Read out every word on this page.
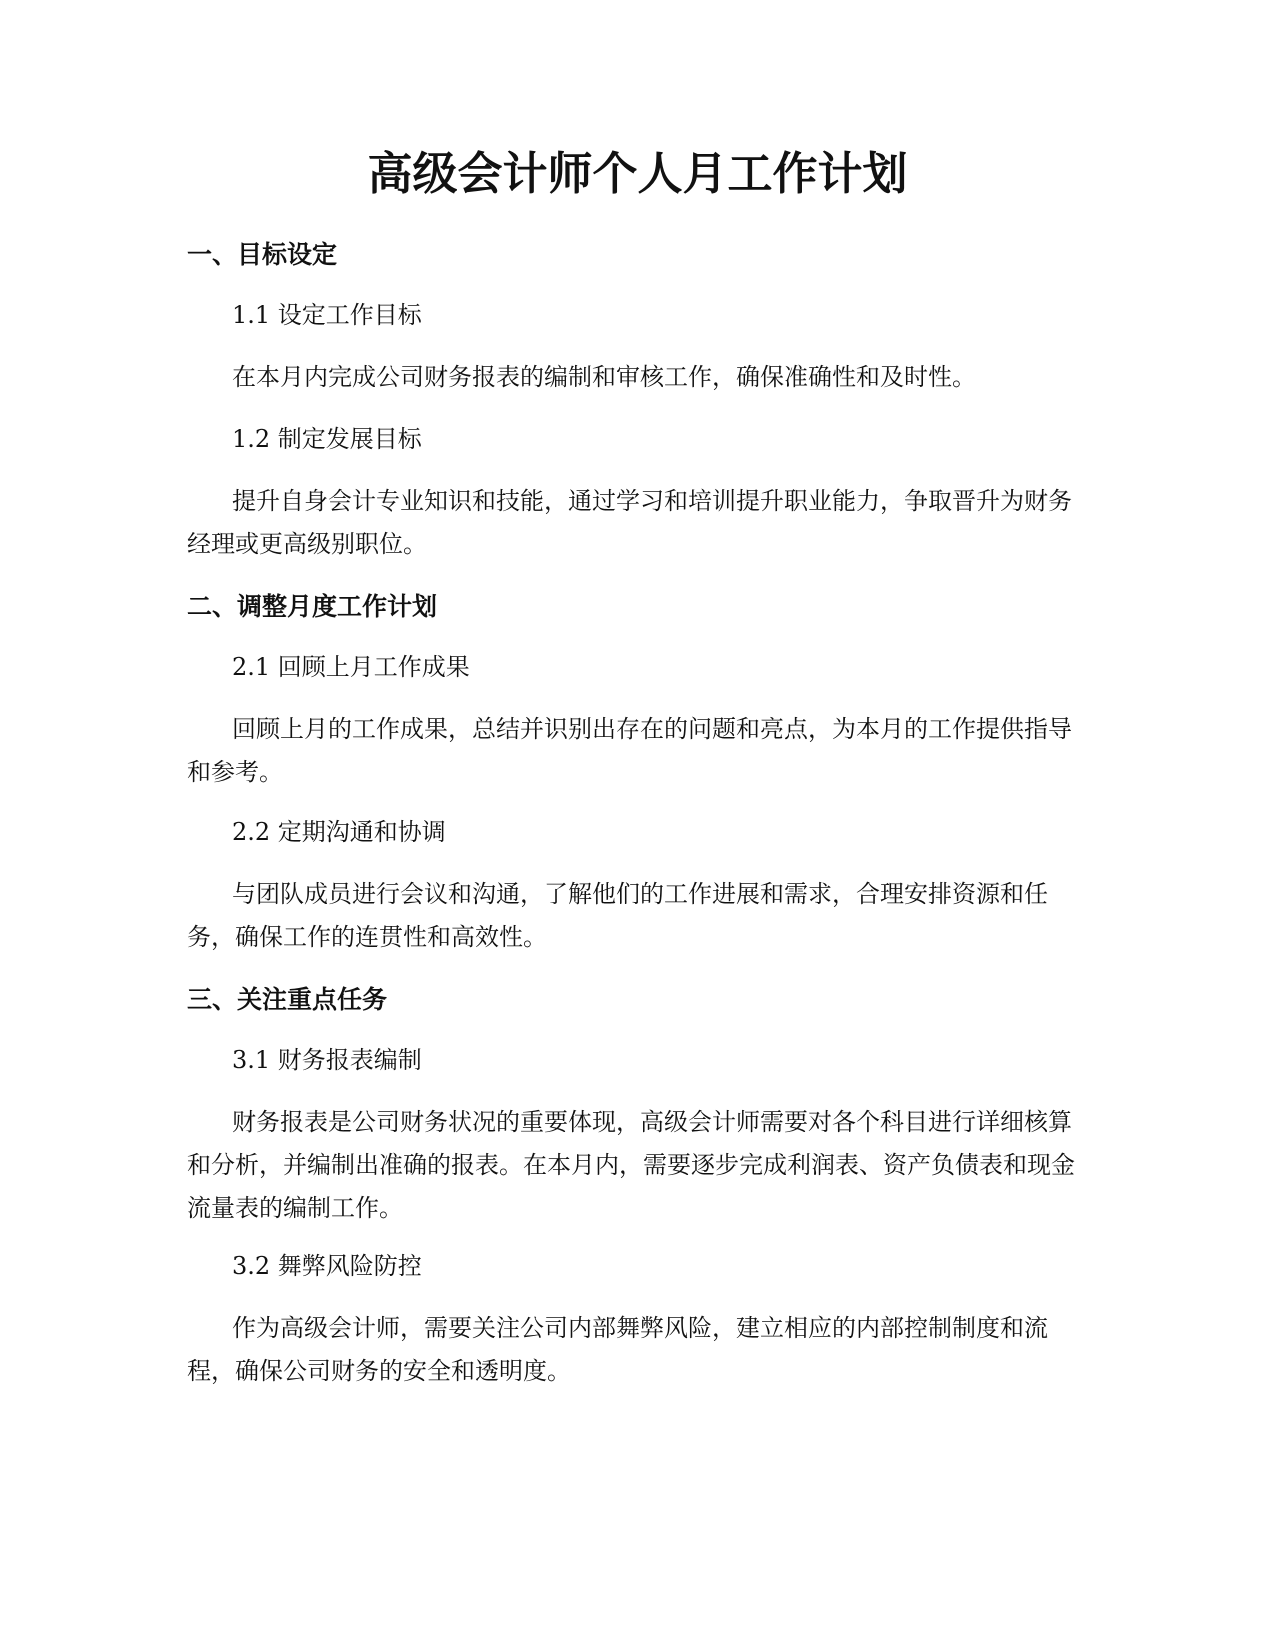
高级会计师个人月工作计划
一、目标设定

1.1 设定工作目标

在本月内完成公司财务报表的编制和审核工作，确保准确性和及时性。

1.2 制定发展目标

提升自身会计专业知识和技能，通过学习和培训提升职业能力，争取晋升为财务经理或更高级别职位。

二、调整月度工作计划

2.1 回顾上月工作成果

回顾上月的工作成果，总结并识别出存在的问题和亮点，为本月的工作提供指导和参考。

2.2 定期沟通和协调

与团队成员进行会议和沟通，了解他们的工作进展和需求，合理安排资源和任务，确保工作的连贯性和高效性。

三、关注重点任务

3.1 财务报表编制

财务报表是公司财务状况的重要体现，高级会计师需要对各个科目进行详细核算和分析，并编制出准确的报表。在本月内，需要逐步完成利润表、资产负债表和现金流量表的编制工作。

3.2 舞弊风险防控

作为高级会计师，需要关注公司内部舞弊风险，建立相应的内部控制制度和流程，确保公司财务的安全和透明度。
